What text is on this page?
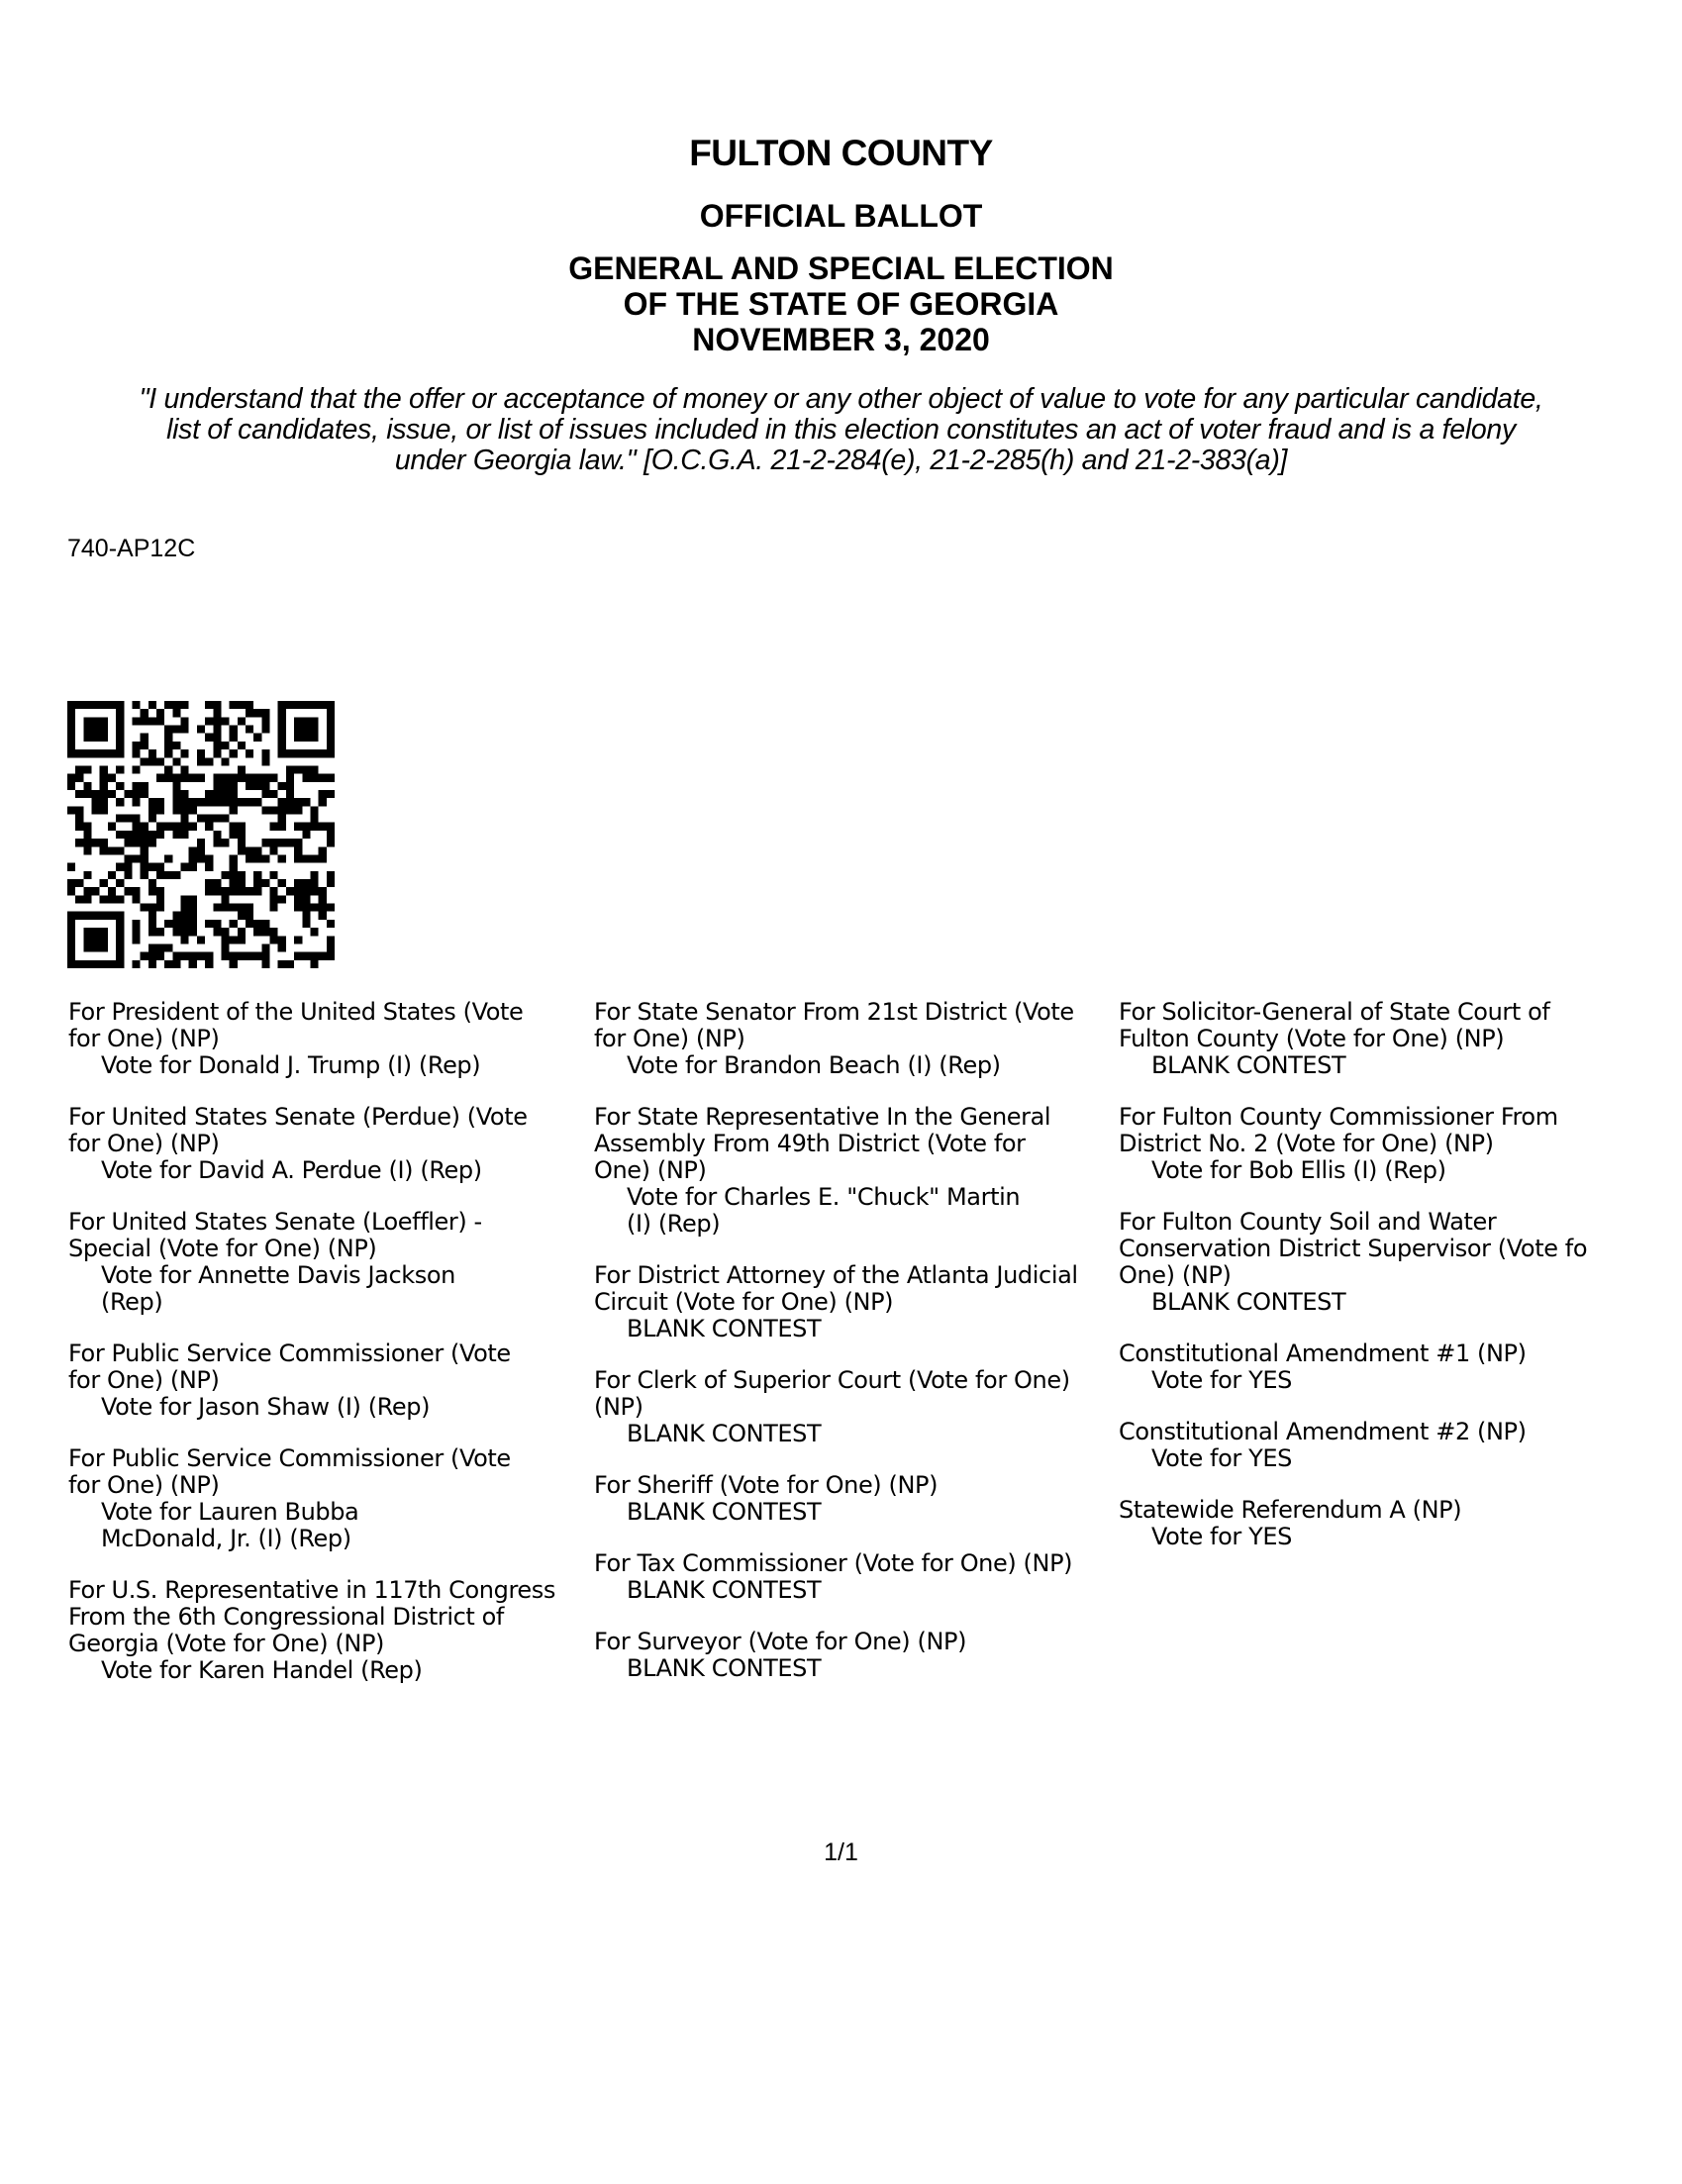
FULTON COUNTY
OFFICIAL BALLOT
GENERAL AND SPECIAL ELECTION
OF THE STATE OF GEORGIA
NOVEMBER 3, 2020
"I understand that the offer or acceptance of money or any other object of value to vote for any particular candidate,
list of candidates, issue, or list of issues included in this election constitutes an act of voter fraud and is a felony
under Georgia law." [O.C.G.A. 21-2-284(e), 21-2-285(h) and 21-2-383(a)]
740-AP12C
For President of the United States (Vote
for One) (NP)
Vote for Donald J. Trump (I) (Rep)
For United States Senate (Perdue) (Vote
for One) (NP)
Vote for David A. Perdue (I) (Rep)
For United States Senate (Loeffler) -
Special (Vote for One) (NP)
Vote for Annette Davis Jackson
(Rep)
For Public Service Commissioner (Vote
for One) (NP)
Vote for Jason Shaw (I) (Rep)
For Public Service Commissioner (Vote
for One) (NP)
Vote for Lauren Bubba
McDonald, Jr. (I) (Rep)
For U.S. Representative in 117th Congress
From the 6th Congressional District of
Georgia (Vote for One) (NP)
Vote for Karen Handel (Rep)
For State Senator From 21st District (Vote
for One) (NP)
Vote for Brandon Beach (I) (Rep)
For State Representative In the General
Assembly From 49th District (Vote for
One) (NP)
Vote for Charles E. "Chuck" Martin
(I) (Rep)
For District Attorney of the Atlanta Judicial
Circuit (Vote for One) (NP)
BLANK CONTEST
For Clerk of Superior Court (Vote for One)
(NP)
BLANK CONTEST
For Sheriff (Vote for One) (NP)
BLANK CONTEST
For Tax Commissioner (Vote for One) (NP)
BLANK CONTEST
For Surveyor (Vote for One) (NP)
BLANK CONTEST
For Solicitor-General of State Court of
Fulton County (Vote for One) (NP)
BLANK CONTEST
For Fulton County Commissioner From
District No. 2 (Vote for One) (NP)
Vote for Bob Ellis (I) (Rep)
For Fulton County Soil and Water
Conservation District Supervisor (Vote fo
One) (NP)
BLANK CONTEST
Constitutional Amendment #1 (NP)
Vote for YES
Constitutional Amendment #2 (NP)
Vote for YES
Statewide Referendum A (NP)
Vote for YES
1/1
